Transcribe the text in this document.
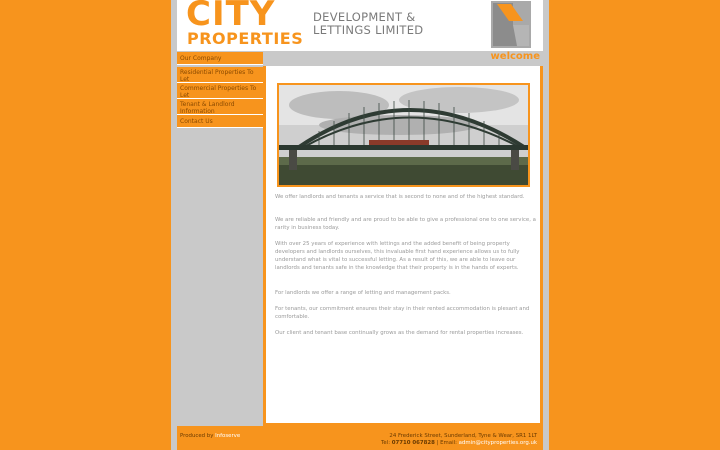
CITY
PROPERTIES
DEVELOPMENT &
LETTINGS LIMITED
welcome
Our Company
Residential Properties To Let
Commercial Properties To Let
Tenant & Landlord Information
Contact Us

We offer landlords and tenants a service that is second to none and of the highest standard.

We are reliable and friendly and are proud to be able to give a professional one to one service, a rarity in business today.

With over 25 years of experience with lettings and the added benefit of being property developers and landlords ourselves, this invaluable first hand experience allows us to fully understand what is vital to successful letting. As a result of this, we are able to leave our landlords and tenants safe in the knowledge that their property is in the hands of experts.

For landlords we offer a range of letting and management packs.

For tenants, our commitment ensures their stay in their rented accommodation is plesant and comfortable.

Our client and tenant base continually grows as the demand for rental properties increases.

Produced by Infoserve	24 Frederick Street, Sunderland, Tyne & Wear, SR1 1LT
Tel: 07710 067828 | Email: admin@cityproperties.org.uk
